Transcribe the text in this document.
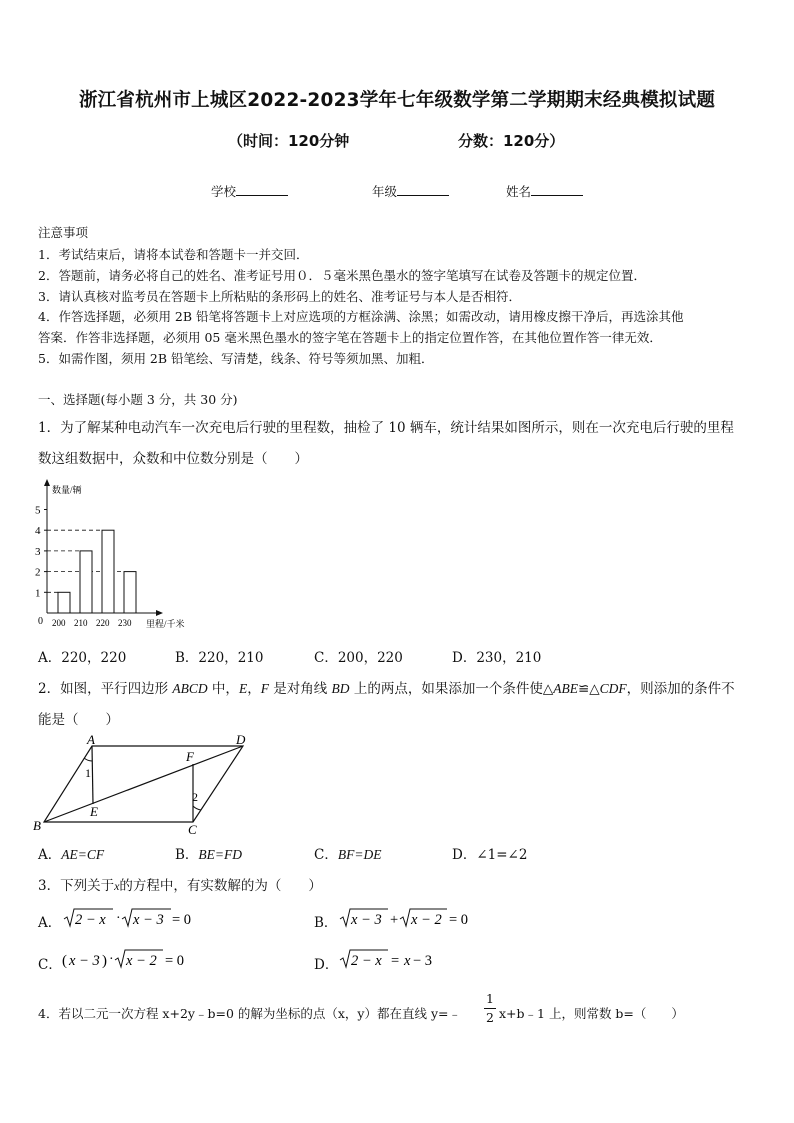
浙江省杭州市上城区2022-2023学年七年级数学第二学期期末经典模拟试题
（时间：120分钟	分数：120分）
学校	年级	姓名
注意事项
1．考试结束后，请将本试卷和答题卡一并交回．
2．答题前，请务必将自己的姓名、准考证号用０．５毫米黑色墨水的签字笔填写在试卷及答题卡的规定位置．
3．请认真核对监考员在答题卡上所粘贴的条形码上的姓名、准考证号与本人是否相符．
4．作答选择题，必须用 2B 铅笔将答题卡上对应选项的方框涂满、涂黑；如需改动，请用橡皮擦干净后，再选涂其他
答案．作答非选择题，必须用 05 毫米黑色墨水的签字笔在答题卡上的指定位置作答，在其他位置作答一律无效．
5．如需作图，须用 2B 铅笔绘、写清楚，线条、符号等须加黑、加粗．
一、选择题(每小题 3 分，共 30 分)
1．为了解某种电动汽车一次充电后行驶的里程数，抽检了 10 辆车，统计结果如图所示，则在一次充电后行驶的里程
数这组数据中，众数和中位数分别是（　　）
1
2
3
4
5
200 210 220 230
数量/辆
里程/千米
0
A．220，220	B．220，210	C．200，220	D．230，210
2．如图，平行四边形 ABCD 中，E，F 是对角线 BD 上的两点，如果添加一个条件使△ABE≌△CDF，则添加的条件不
能是（　　）
A	D
B	C
E
F
1
2
A．AE=CF	B．BE=FD	C．BF=DE	D．∠1=∠2
3．下列关于x的方程中，有实数解的为（　　）
A．
√(2−x)·√(x−3)=0
2 − x · x − 3 = 0	B．
√(x−3)+√(x−2)=0
x − 3 + x − 2 = 0
C．
(x−3)·√(x−2)=0
( x − 3 ) · x − 2 = 0	D．
√(2−x)=x−3
2 − x = x − 3
4．若以二元一次方程 x+2y﹣b=0 的解为坐标的点（x，y）都在直线 y=﹣ $\frac{1}{2}$ x+b﹣1 上，则常数 b=（　　）
